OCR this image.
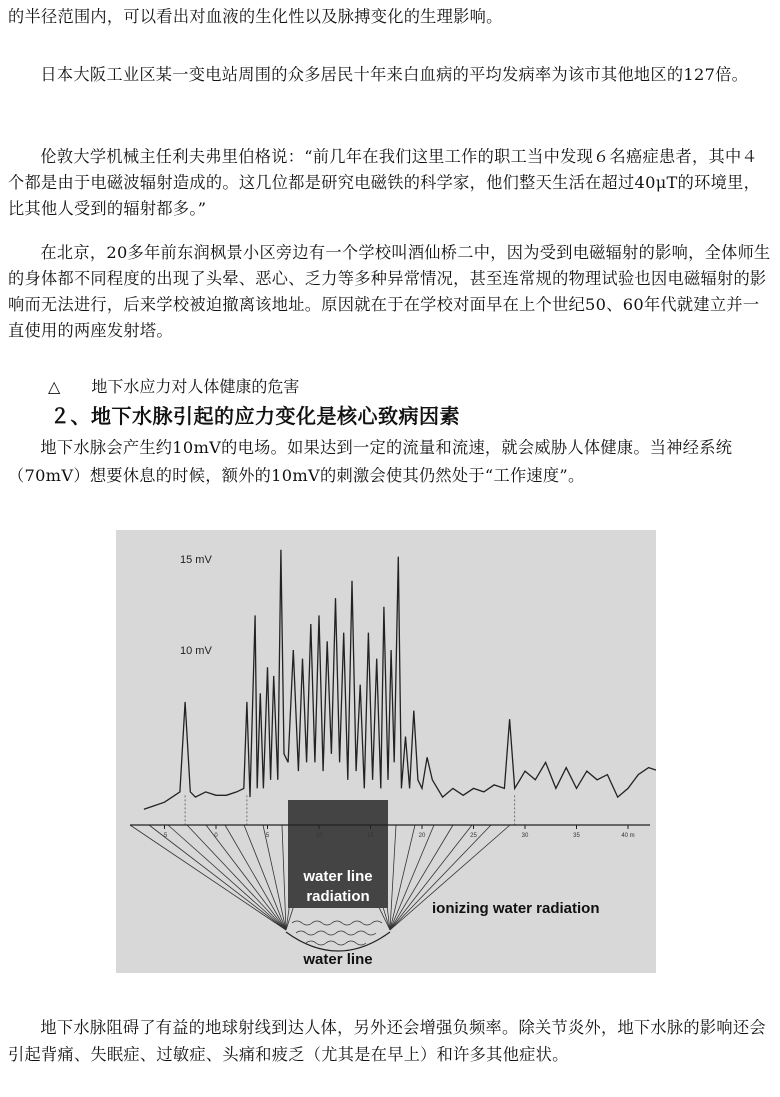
的半径范围内，可以看出对血液的生化性以及脉搏变化的生理影响。

日本大阪工业区某一变电站周围的众多居民十年来白血病的平均发病率为该市其他地区的127倍。

伦敦大学机械主任利夫弗里伯格说：“前几年在我们这里工作的职工当中发现６名癌症患者，其中４个都是由于电磁波辐射造成的。这几位都是研究电磁铁的科学家，他们整天生活在超过40μT的环境里，比其他人受到的辐射都多。”

在北京，20多年前东润枫景小区旁边有一个学校叫酒仙桥二中，因为受到电磁辐射的影响，全体师生的身体都不同程度的出现了头晕、恶心、乏力等多种异常情况，甚至连常规的物理试验也因电磁辐射的影响而无法进行，后来学校被迫撤离该地址。原因就在于在学校对面早在上个世纪50、60年代就建立并一直使用的两座发射塔。

△ 地下水应力对人体健康的危害
２、地下水脉引起的应力变化是核心致病因素

地下水脉会产生约10mV的电场。如果达到一定的流量和流速，就会威胁人体健康。当神经系统（70mV）想要休息的时候，额外的10mV的刺激会使其仍然处于“工作速度”。

-5	0	5	10	15	20	25	30	35	40 m
15 mV
10 mV
water line
radiation
ionizing water radiation
water line

地下水脉阻碍了有益的地球射线到达人体，另外还会增强负频率。除关节炎外，地下水脉的影响还会引起背痛、失眠症、过敏症、头痛和疲乏（尤其是在早上）和许多其他症状。
